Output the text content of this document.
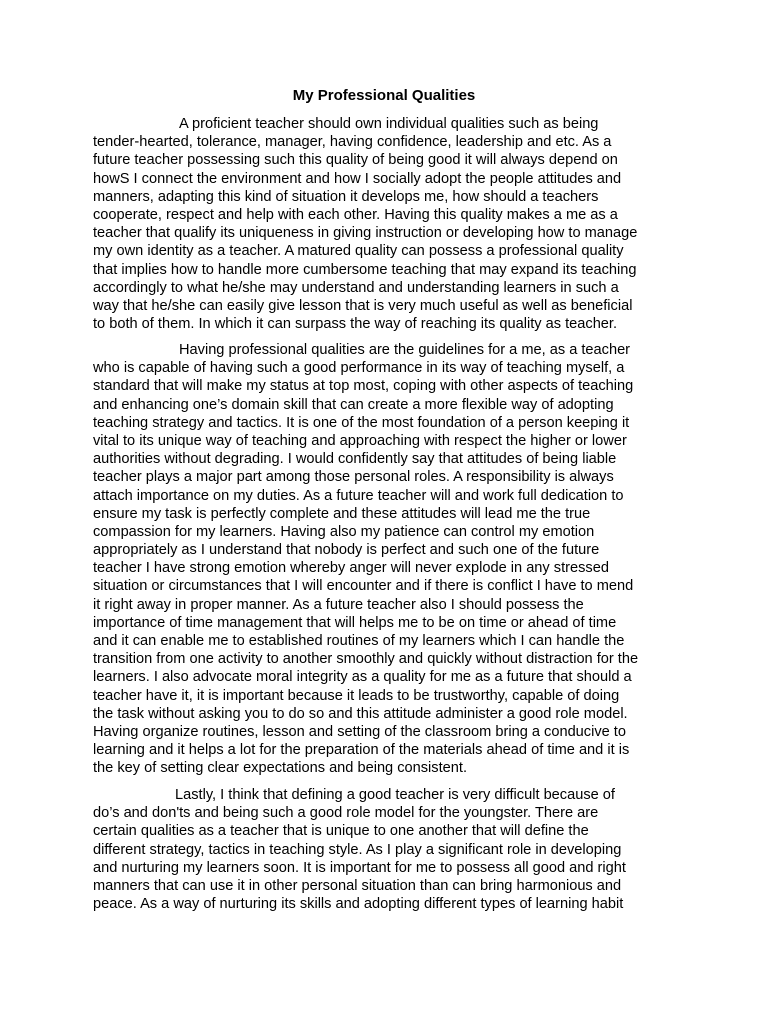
My Professional Qualities
A proficient teacher should own individual qualities such as being
tender-hearted, tolerance, manager, having confidence, leadership and etc. As a
future teacher possessing such this quality of being good it will always depend on
howS I connect the environment and how I socially adopt the people attitudes and
manners, adapting this kind of situation it develops me, how should a teachers
cooperate, respect and help with each other. Having this quality makes a me as a
teacher that qualify its uniqueness in giving instruction or developing how to manage
my own identity as a teacher. A matured quality can possess a professional quality
that implies how to handle more cumbersome teaching that may expand its teaching
accordingly to what he/she may understand and understanding learners in such a
way that he/she can easily give lesson that is very much useful as well as beneficial
to both of them. In which it can surpass the way of reaching its quality as teacher.
Having professional qualities are the guidelines for a me, as a teacher
who is capable of having such a good performance in its way of teaching myself, a
standard that will make my status at top most, coping with other aspects of teaching
and enhancing one’s domain skill that can create a more flexible way of adopting
teaching strategy and tactics. It is one of the most foundation of a person keeping it
vital to its unique way of teaching and approaching with respect the higher or lower
authorities without degrading. I would confidently say that attitudes of being liable
teacher plays a major part among those personal roles. A responsibility is always
attach importance on my duties. As a future teacher will and work full dedication to
ensure my task is perfectly complete and these attitudes will lead me the true
compassion for my learners. Having also my patience can control my emotion
appropriately as I understand that nobody is perfect and such one of the future
teacher I have strong emotion whereby anger will never explode in any stressed
situation or circumstances that I will encounter and if there is conflict I have to mend
it right away in proper manner. As a future teacher also I should possess the
importance of time management that will helps me to be on time or ahead of time
and it can enable me to established routines of my learners which I can handle the
transition from one activity to another smoothly and quickly without distraction for the
learners. I also advocate moral integrity as a quality for me as a future that should a
teacher have it, it is important because it leads to be trustworthy, capable of doing
the task without asking you to do so and this attitude administer a good role model.
Having organize routines, lesson and setting of the classroom bring a conducive to
learning and it helps a lot for the preparation of the materials ahead of time and it is
the key of setting clear expectations and being consistent.
Lastly, I think that defining a good teacher is very difficult because of
do’s and don'ts and being such a good role model for the youngster. There are
certain qualities as a teacher that is unique to one another that will define the
different strategy, tactics in teaching style. As I play a significant role in developing
and nurturing my learners soon. It is important for me to possess all good and right
manners that can use it in other personal situation than can bring harmonious and
peace. As a way of nurturing its skills and adopting different types of learning habit
